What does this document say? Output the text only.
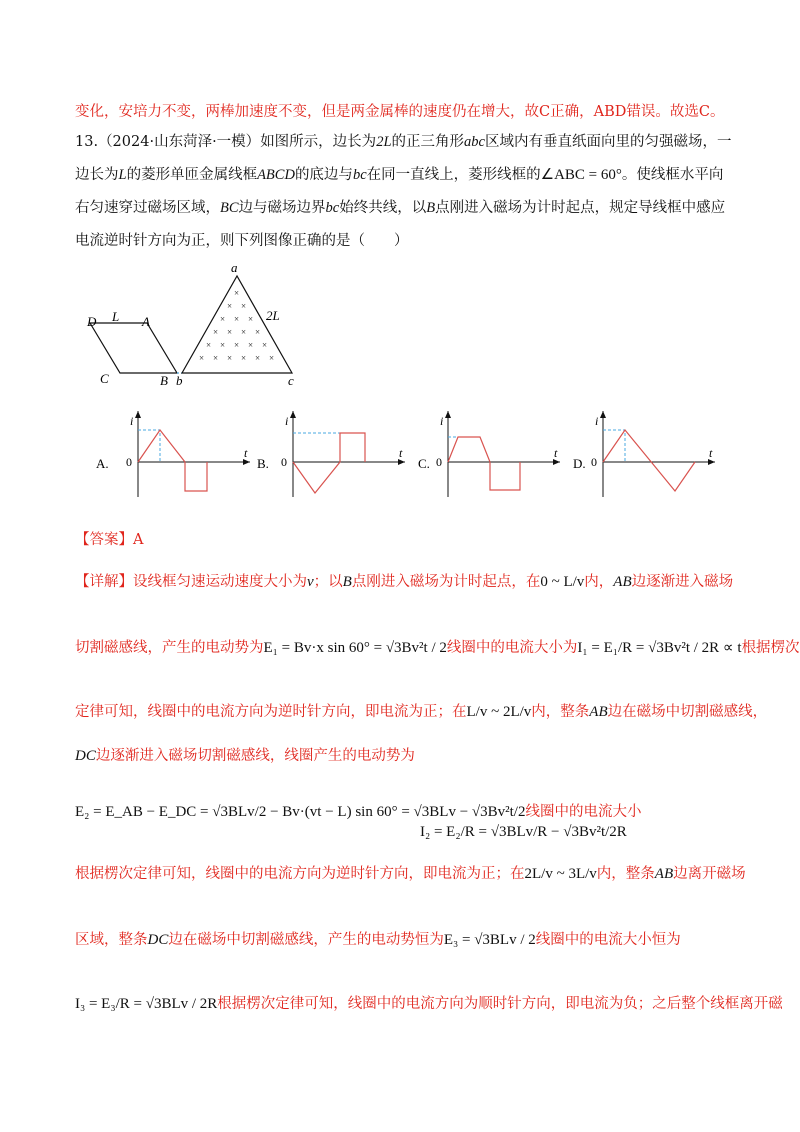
变化，安培力不变，两棒加速度不变，但是两金属棒的速度仍在增大，故C正确，ABD错误。故选C。
13.（2024·山东菏泽·一模）如图所示，边长为2L的正三角形abc区域内有垂直纸面向里的匀强磁场，一
边长为L的菱形单匝金属线框ABCD的底边与bc在同一直线上，菱形线框的∠ABC = 60°。使线框水平向
右匀速穿过磁场区域，BC边与磁场边界bc始终共线，以B点刚进入磁场为计时起点，规定导线框中感应
电流逆时针方向为正，则下列图像正确的是（　　）
×
× ×
× × ×
× × × ×
× × × × ×
× × × × × ×
D L A
C	B b	c
a
2L
A.
i
0
t
B.
i
0
t
C.
i
0
t
D.
i
0
t
【答案】A
【详解】设线框匀速运动速度大小为v；以B点刚进入磁场为计时起点，在0 ~ L/v内，AB边逐渐进入磁场
切割磁感线，产生的电动势为E₁ = Bv·x sin 60° = √3Bv²t / 2线圈中的电流大小为I₁ = E₁/R = √3Bv²t / 2R ∝ t根据楞次
定律可知，线圈中的电流方向为逆时针方向，即电流为正；在L/v ~ 2L/v内，整条AB边在磁场中切割磁感线，
DC边逐渐进入磁场切割磁感线，线圈产生的电动势为
E₂ = E_AB − E_DC = √3BLv/2 − Bv·(vt − L) sin 60° = √3BLv − √3Bv²t/2线圈中的电流大小
I₂ = E₂/R = √3BLv/R − √3Bv²t/2R
根据楞次定律可知，线圈中的电流方向为逆时针方向，即电流为正；在2L/v ~ 3L/v内，整条AB边离开磁场
区域，整条DC边在磁场中切割磁感线，产生的电动势恒为E₃ = √3BLv / 2线圈中的电流大小恒为
I₃ = E₃/R = √3BLv / 2R根据楞次定律可知，线圈中的电流方向为顺时针方向，即电流为负；之后整个线框离开磁
